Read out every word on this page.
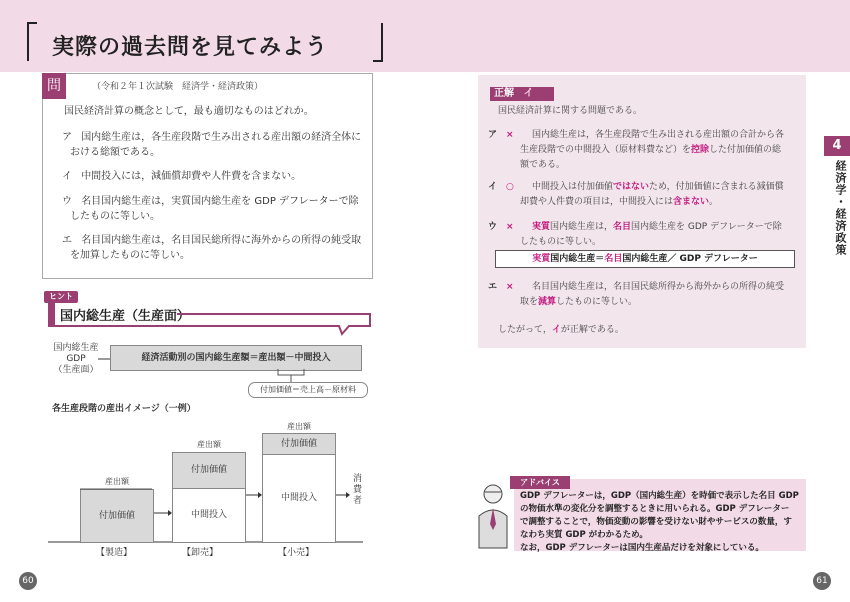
実際の過去問を見てみよう
問	（令和２年１次試験　経済学・経済政策）
国民経済計算の概念として，最も適切なものはどれか。
ア 国内総生産は，各生産段階で生み出される産出額の経済全体に
おける総額である。
イ 中間投入には，減価償却費や人件費を含まない。
ウ 名目国内総生産は，実質国内総生産を GDP デフレーターで除
したものに等しい。
エ 名目国内総生産は，名目国民総所得に海外からの所得の純受取
を加算したものに等しい。
ヒント
国内総生産（生産面）
国内総生産
GDP
（生産面）
経済活動別の国内総生産額＝産出額－中間投入
付加価値＝売上高－原材料
各生産段階の産出イメージ（一例）
産出額
付加価値
産出額
付加価値
中間投入
産出額
付加価値
中間投入
消
費
者
【製造】	【卸売】	【小売】
正解 イ
国民経済計算に関する問題である。
ア × 国内総生産は，各生産段階で生み出される産出額の合計から各
生産段階での中間投入（原材料費など）を控除した付加価値の総
額である。
イ ○ 中間投入は付加価値ではないため，付加価値に含まれる減価償
却費や人件費の項目は，中間投入には含まない。
ウ × 実質国内総生産は，名目国内総生産を GDP デフレーターで除
したものに等しい。
エ × 名目国内総生産は，名目国民総所得から海外からの所得の純受
取を減算したものに等しい。
実質国内総生産＝名目国内総生産／ GDP デフレーター
したがって，イが正解である。
4
経済学・経済政策
アドバイス
GDP デフレーターは，GDP（国内総生産）を時価で表示した名目 GDP
の物価水準の変化分を調整するときに用いられる。GDP デフレーター
で調整することで，物価変動の影響を受けない財やサービスの数量，す
なわち実質 GDP がわかるため。
なお，GDP デフレーターは国内生産品だけを対象にしている。
60	61
